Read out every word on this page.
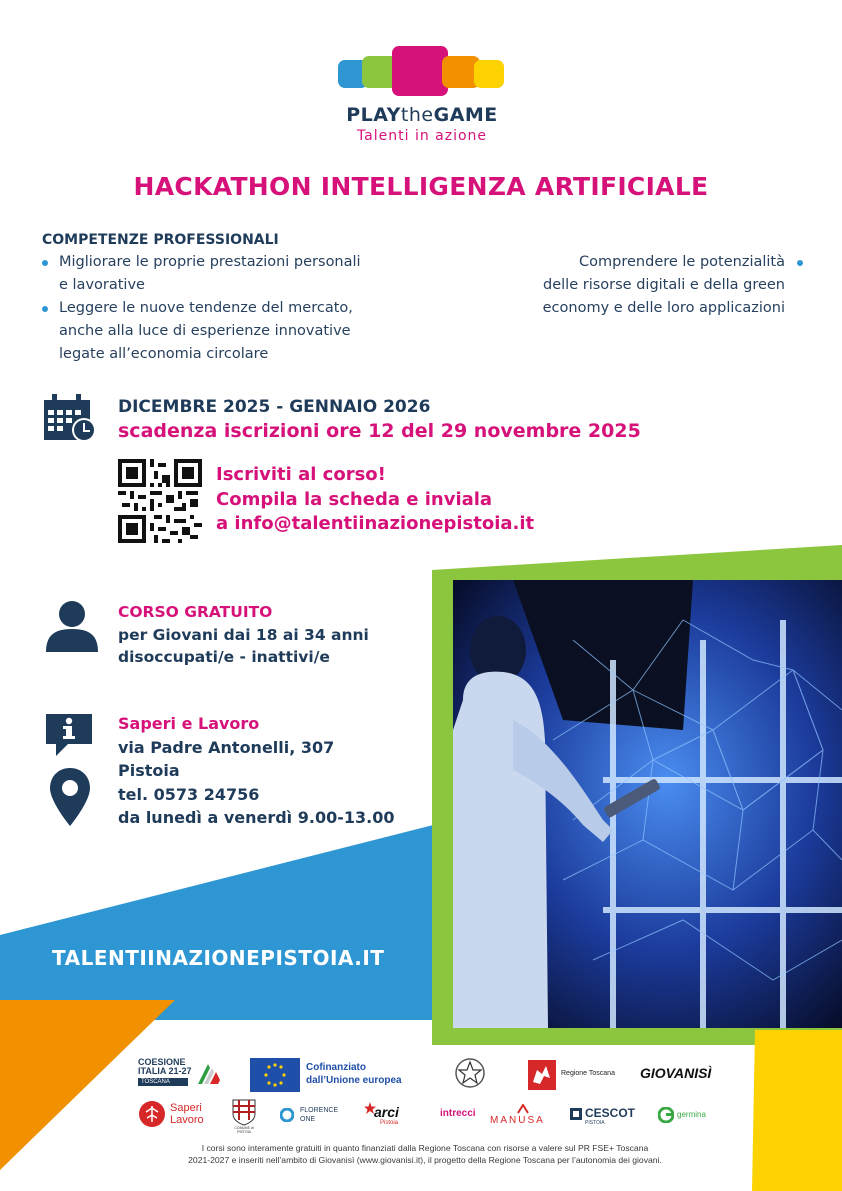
PLAYtheGAME
Talenti in azione
HACKATHON INTELLIGENZA ARTIFICIALE
COMPETENZE PROFESSIONALI
Migliorare le proprie prestazioni personali
e lavorative
Leggere le nuove tendenze del mercato,
anche alla luce di esperienze innovative
legate all’economia circolare
Comprendere le potenzialità
delle risorse digitali e della green
economy e delle loro applicazioni
DICEMBRE 2025 - GENNAIO 2026
scadenza iscrizioni ore 12 del 29 novembre 2025
Iscriviti al corso!
Compila la scheda e inviala
a info@talentiinazionepistoia.it
CORSO GRATUITO
per Giovani dai 18 ai 34 anni
disoccupati/e - inattivi/e
Saperi e Lavoro
via Padre Antonelli, 307
Pistoia
tel. 0573 24756
da lunedì a venerdì 9.00-13.00
TALENTIINAZIONEPISTOIA.IT
COESIONE
ITALIA 21-27
TOSCANA
Cofinanziato
dall’Unione europea
Regione Toscana GIOVANISÌ
Saperi
Lavoro
COMUNE di PISTOIA
FLORENCE
ONE	arci
Pistoia
intrecci
MANUSA
CESCOT
PISTOIA
germina
I corsi sono interamente gratuiti in quanto finanziati dalla Regione Toscana con risorse a valere sul PR FSE+ Toscana
2021-2027 e inseriti nell’ambito di Giovanisì (www.giovanisi.it), il progetto della Regione Toscana per l’autonomia dei giovani.
